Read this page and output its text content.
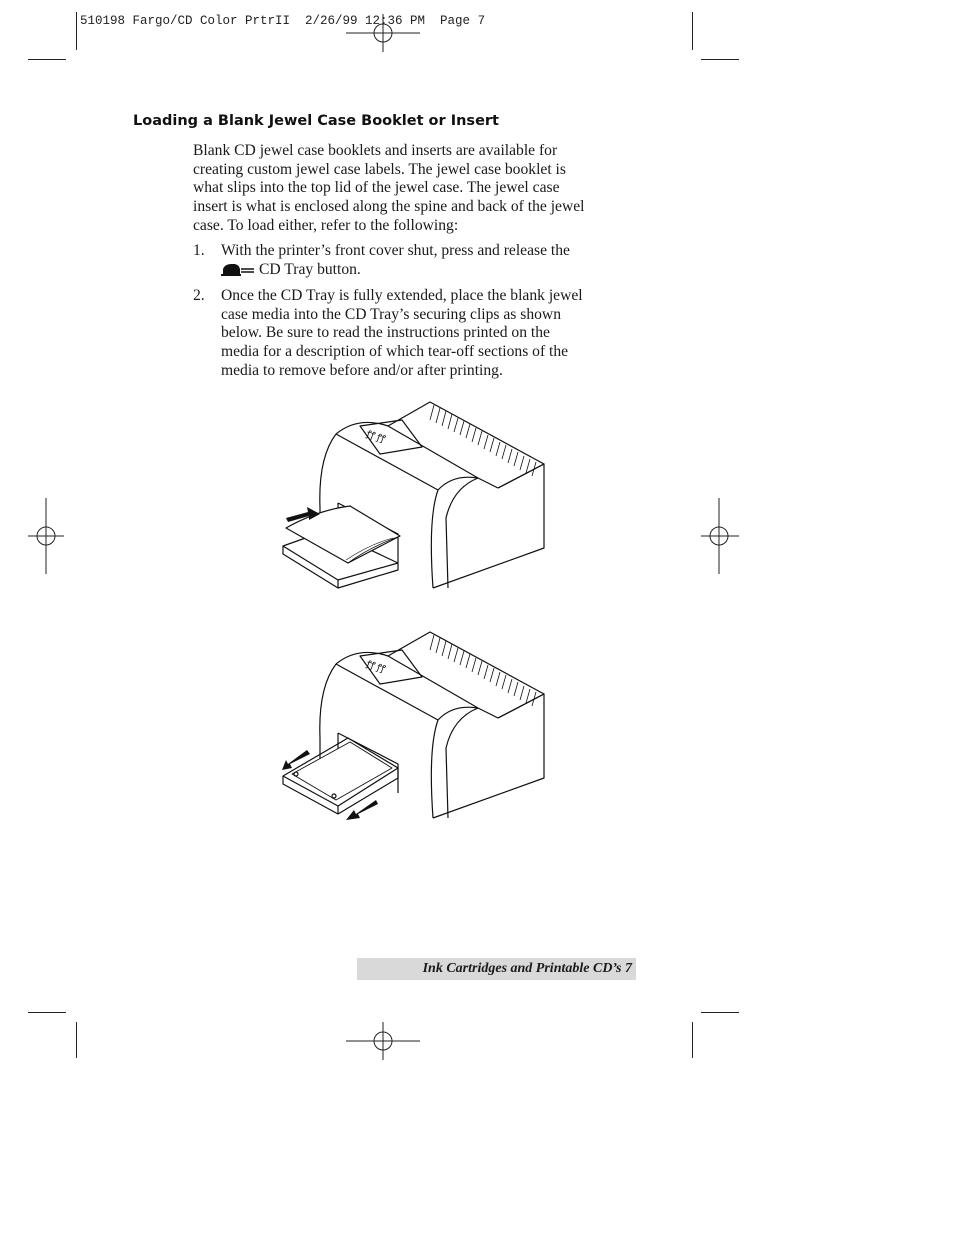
510198 Fargo/CD Color PrtrII  2/26/99 12:36 PM  Page 7
Loading a Blank Jewel Case Booklet or Insert
Blank CD jewel case booklets and inserts are available for
creating custom jewel case labels. The jewel case booklet is
what slips into the top lid of the jewel case. The jewel case
insert is what is enclosed along the spine and back of the jewel
case. To load either, refer to the following:
1. With the printer’s front cover shut, press and release the
CD Tray button.
2. Once the CD Tray is fully extended, place the blank jewel
case media into the CD Tray’s securing clips as shown
below. Be sure to read the instructions printed on the
media for a description of which tear-off sections of the
media to remove before and/or after printing.
ꝭꝭ ꝭꝭ
ꝭꝭ ꝭꝭ
Ink Cartridges and Printable CD’s 7
